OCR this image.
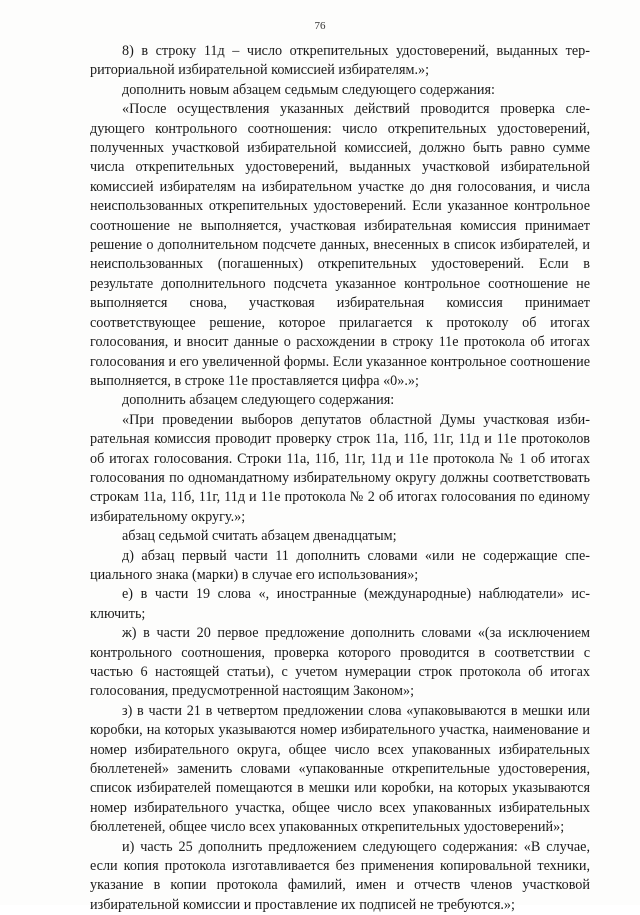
76

8) в строку 11д – число открепительных удостоверений, выданных территориальной избирательной комиссией избирателям.»;

дополнить новым абзацем седьмым следующего содержания:

«После осуществления указанных действий проводится проверка следующего контрольного соотношения: число открепительных удостоверений, полученных участковой избирательной комиссией, должно быть равно сумме числа открепительных удостоверений, выданных участковой избирательной комиссией избирателям на избирательном участке до дня голосования, и числа неиспользованных открепительных удостоверений. Если указанное контрольное соотношение не выполняется, участковая избирательная комиссия принимает решение о дополнительном подсчете данных, внесенных в список избирателей, и неиспользованных (погашенных) открепительных удостоверений. Если в результате дополнительного подсчета указанное контрольное соотношение не выполняется снова, участковая избирательная комиссия принимает соответствующее решение, которое прилагается к протоколу об итогах голосования, и вносит данные о расхождении в строку 11е протокола об итогах голосования и его увеличенной формы. Если указанное контрольное соотношение выполняется, в строке 11е проставляется цифра «0».»;

дополнить абзацем следующего содержания:

«При проведении выборов депутатов областной Думы участковая избирательная комиссия проводит проверку строк 11а, 11б, 11г, 11д и 11е протоколов об итогах голосования. Строки 11а, 11б, 11г, 11д и 11е протокола № 1 об итогах голосования по одномандатному избирательному округу должны соответствовать строкам 11а, 11б, 11г, 11д и 11е протокола № 2 об итогах голосования по единому избирательному округу.»;

абзац седьмой считать абзацем двенадцатым;

д) абзац первый части 11 дополнить словами «или не содержащие специального знака (марки) в случае его использования»;

е) в части 19 слова «, иностранные (международные) наблюдатели» исключить;

ж) в части 20 первое предложение дополнить словами «(за исключением контрольного соотношения, проверка которого проводится в соответствии с частью 6 настоящей статьи), с учетом нумерации строк протокола об итогах голосования, предусмотренной настоящим Законом»;

з) в части 21 в четвертом предложении слова «упаковываются в мешки или коробки, на которых указываются номер избирательного участка, наименование и номер избирательного округа, общее число всех упакованных избирательных бюллетеней» заменить словами «упакованные открепительные удостоверения, список избирателей помещаются в мешки или коробки, на которых указываются номер избирательного участка, общее число всех упакованных избирательных бюллетеней, общее число всех упакованных открепительных удостоверений»;

и) часть 25 дополнить предложением следующего содержания: «В случае, если копия протокола изготавливается без применения копировальной техники, указание в копии протокола фамилий, имен и отчеств членов участковой избирательной комиссии и проставление их подписей не требуются.»;
